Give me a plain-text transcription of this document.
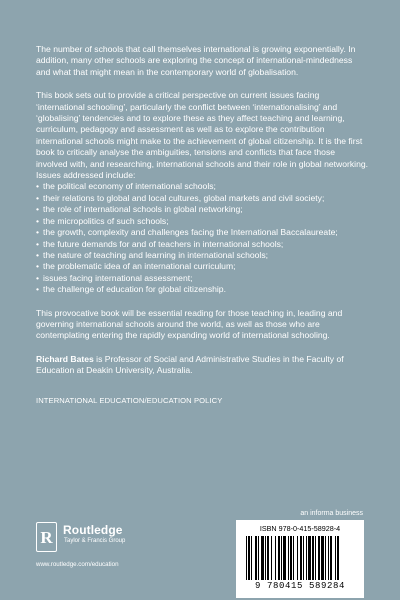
The number of schools that call themselves international is growing exponentially. In addition, many other schools are exploring the concept of international-mindedness and what that might mean in the contemporary world of globalisation.

This book sets out to provide a critical perspective on current issues facing ‘international schooling’, particularly the conflict between ‘internationalising’ and ‘globalising’ tendencies and to explore these as they affect teaching and learning, curriculum, pedagogy and assessment as well as to explore the contribution international schools might make to the achievement of global citizenship. It is the first book to critically analyse the ambiguities, tensions and conflicts that face those involved with, and researching, international schools and their role in global networking. Issues addressed include:

• the political economy of international schools;
• their relations to global and local cultures, global markets and civil society;
• the role of international schools in global networking;
• the micropolitics of such schools;
• the growth, complexity and challenges facing the International Baccalaureate;
• the future demands for and of teachers in international schools;
• the nature of teaching and learning in international schools;
• the problematic idea of an international curriculum;
• issues facing international assessment;
• the challenge of education for global citizenship.

This provocative book will be essential reading for those teaching in, leading and governing international schools around the world, as well as those who are contemplating entering the rapidly expanding world of international schooling.

Richard Bates is Professor of Social and Administrative Studies in the Faculty of Education at Deakin University, Australia.

INTERNATIONAL EDUCATION/EDUCATION POLICY
an informa business
R Routledge
Taylor & Francis Group
www.routledge.com/education
ISBN 978-0-415-58928-4
9 780415 589284
